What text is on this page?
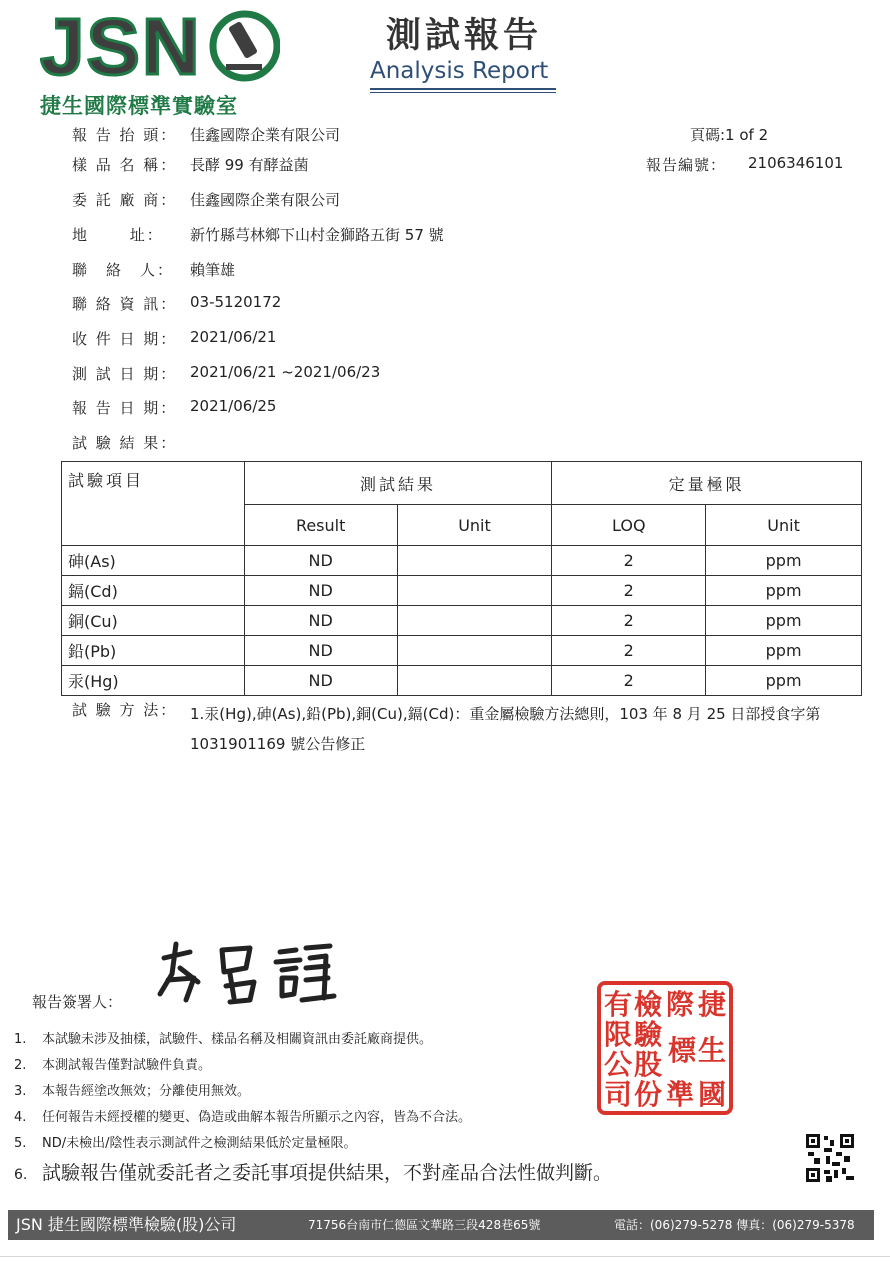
JSN
捷生國際標準實驗室
測試報告
Analysis Report
頁碼:1 of 2
報告編號： 2106346101
報 告 抬 頭： 佳鑫國際企業有限公司
樣 品 名 稱： 長酵 99 有酵益菌
委 託 廠 商： 佳鑫國際企業有限公司
地　　 址： 新竹縣芎林鄉下山村金獅路五街 57 號
聯　絡　人： 賴筆雄
聯 絡 資 訊： 03-5120172
收 件 日 期： 2021/06/21
測 試 日 期： 2021/06/21 ~2021/06/23
報 告 日 期： 2021/06/25
試 驗 結 果：
試驗項目	測試結果		定量極限	
	Result	Unit	LOQ	Unit
砷(As)	ND		2	ppm
鎘(Cd)	ND		2	ppm
銅(Cu)	ND		2	ppm
鉛(Pb)	ND		2	ppm
汞(Hg)	ND		2	ppm
試 驗 方 法： 1.汞(Hg),砷(As),鉛(Pb),銅(Cu),鎘(Cd)：重金屬檢驗方法總則，103 年 8 月 25 日部授食字第 1031901169 號公告修正
報告簽署人：	有 檢 際 捷
限 驗 標 生
公 股
司 份 準 國
1. 本試驗未涉及抽樣，試驗件、樣品名稱及相關資訊由委託廠商提供。
2. 本測試報告僅對試驗件負責。
3. 本報告經塗改無效；分離使用無效。
4. 任何報告未經授權的變更、偽造或曲解本報告所顯示之內容，皆為不合法。
5. ND/未檢出/陰性表示測試件之檢測結果低於定量極限。
6. 試驗報告僅就委託者之委託事項提供結果，不對產品合法性做判斷。
JSN 捷生國際標準檢驗(股)公司	71756台南市仁德區文華路三段428巷65號	電話：(06)279-5278 傳真：(06)279-5378
